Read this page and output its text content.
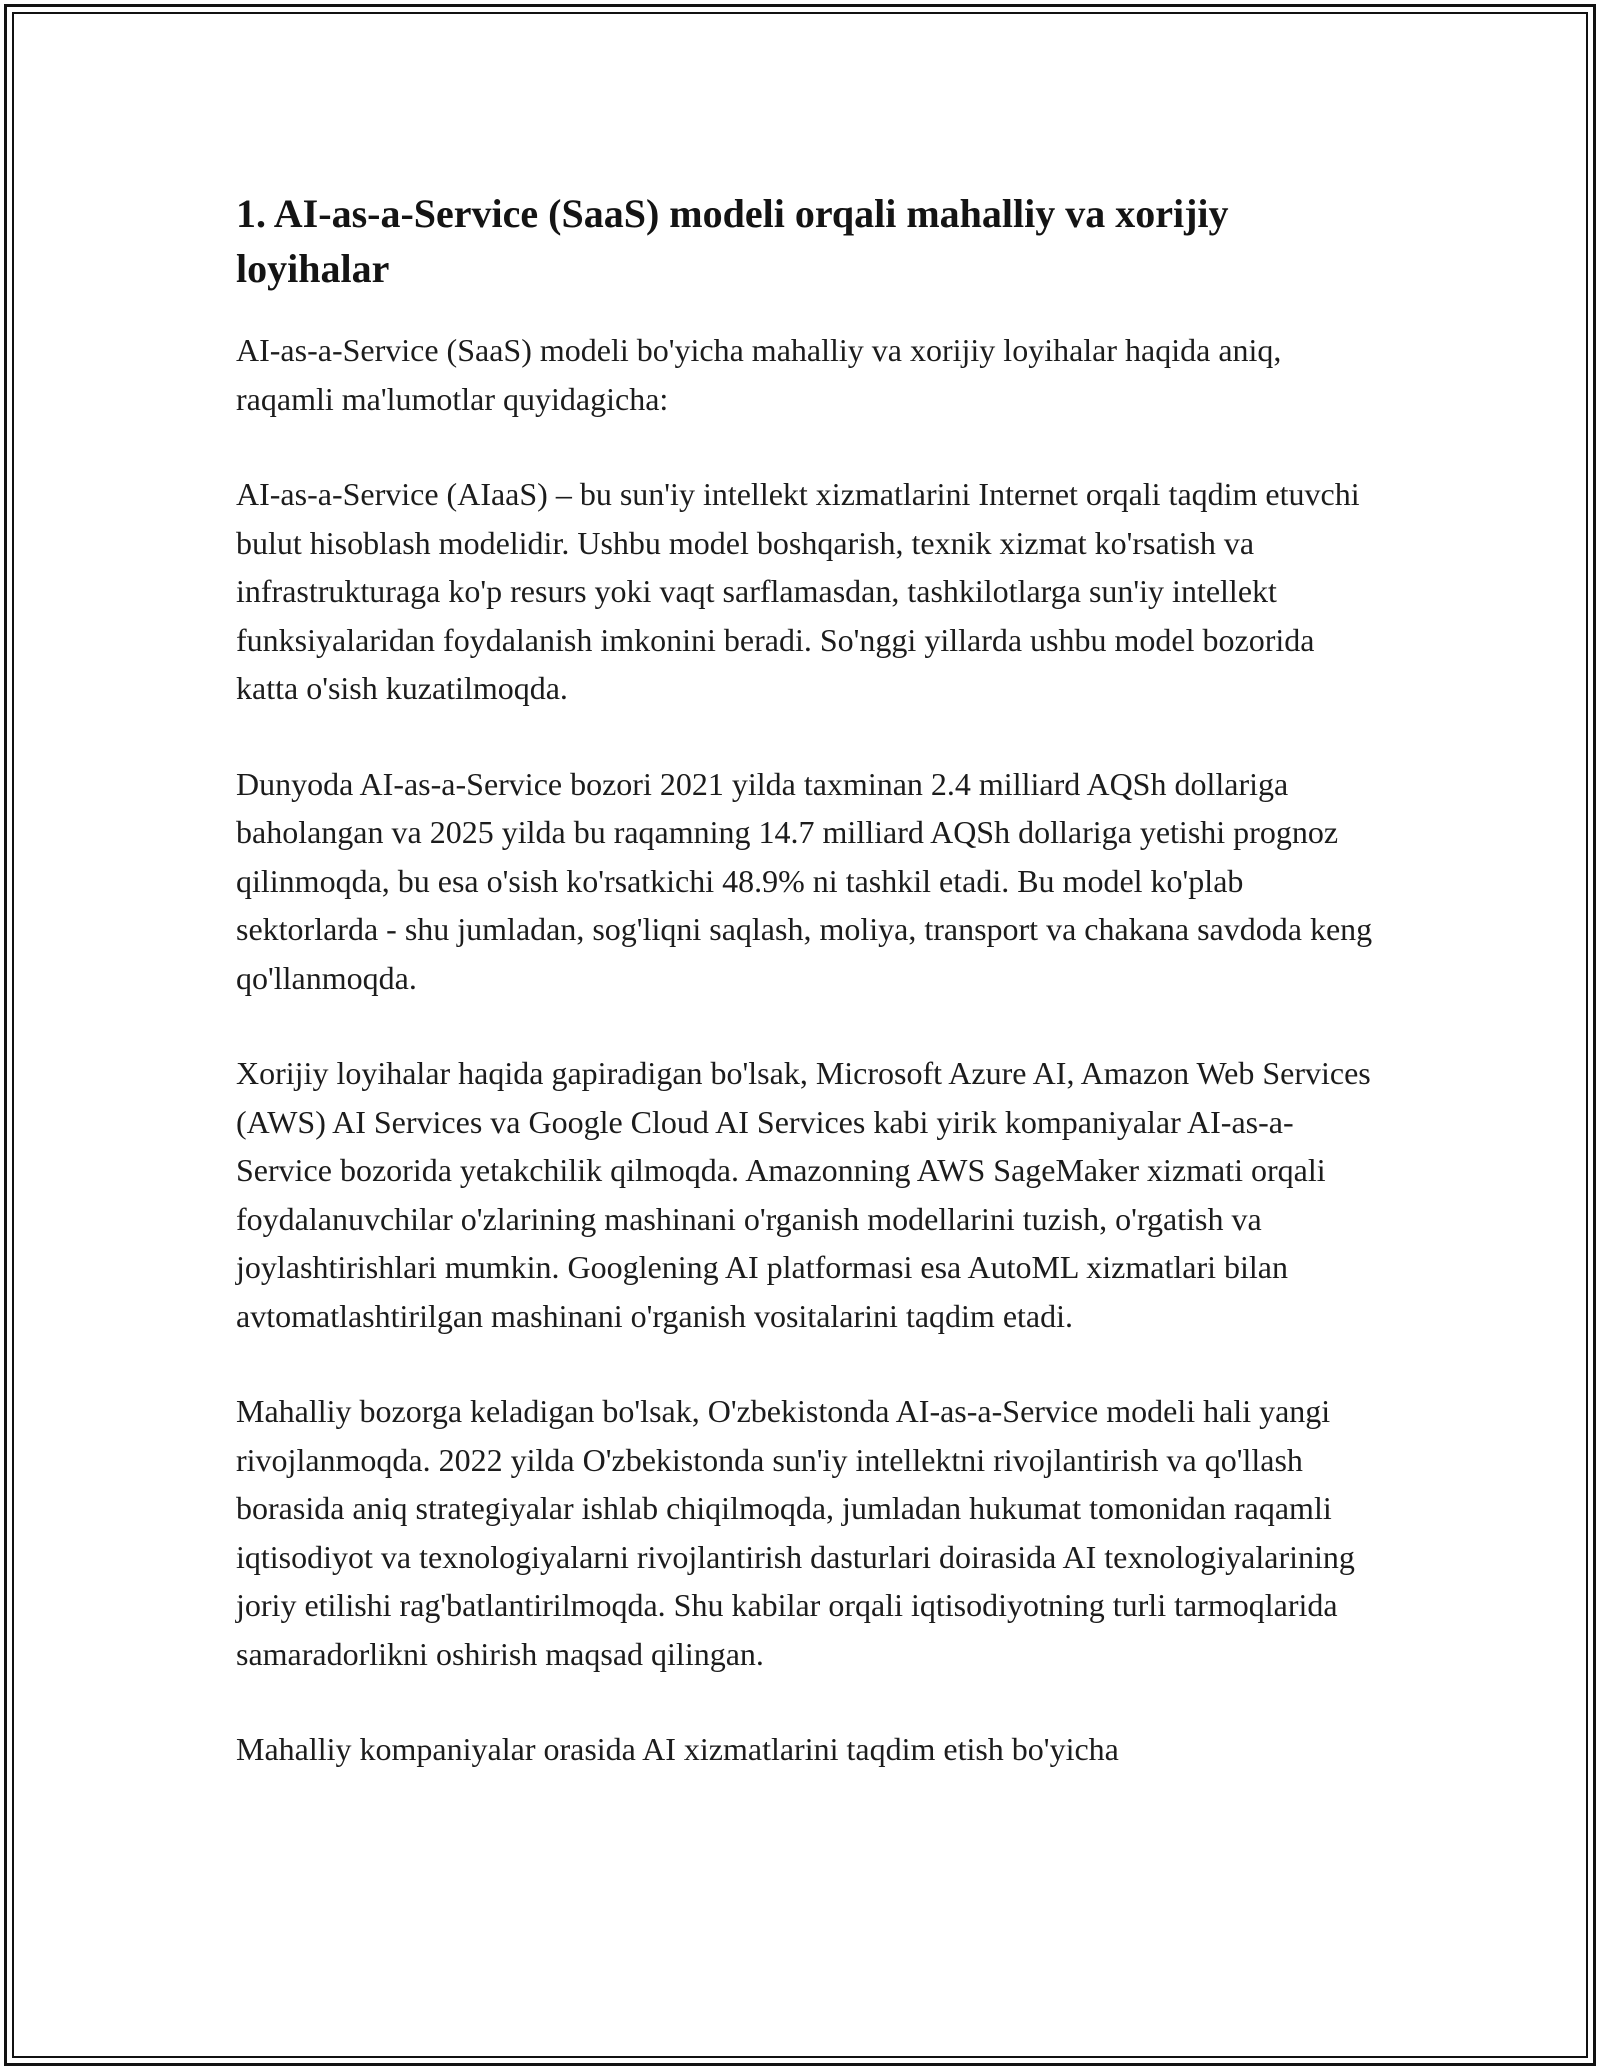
1. AI-as-a-Service (SaaS) modeli orqali mahalliy va xorijiy loyihalar

AI-as-a-Service (SaaS) modeli bo'yicha mahalliy va xorijiy loyihalar haqida aniq, raqamli ma'lumotlar quyidagicha:

AI-as-a-Service (AIaaS) – bu sun'iy intellekt xizmatlarini Internet orqali taqdim etuvchi bulut hisoblash modelidir. Ushbu model boshqarish, texnik xizmat ko'rsatish va infrastrukturaga ko'p resurs yoki vaqt sarflamasdan, tashkilotlarga sun'iy intellekt funksiyalaridan foydalanish imkonini beradi. So'nggi yillarda ushbu model bozorida katta o'sish kuzatilmoqda.

Dunyoda AI-as-a-Service bozori 2021 yilda taxminan 2.4 milliard AQSh dollariga baholangan va 2025 yilda bu raqamning 14.7 milliard AQSh dollariga yetishi prognoz qilinmoqda, bu esa o'sish ko'rsatkichi 48.9% ni tashkil etadi. Bu model ko'plab sektorlarda - shu jumladan, sog'liqni saqlash, moliya, transport va chakana savdoda keng qo'llanmoqda.

Xorijiy loyihalar haqida gapiradigan bo'lsak, Microsoft Azure AI, Amazon Web Services (AWS) AI Services va Google Cloud AI Services kabi yirik kompaniyalar AI-as-a-Service bozorida yetakchilik qilmoqda. Amazonning AWS SageMaker xizmati orqali foydalanuvchilar o'zlarining mashinani o'rganish modellarini tuzish, o'rgatish va joylashtirishlari mumkin. Googlening AI platformasi esa AutoML xizmatlari bilan avtomatlashtirilgan mashinani o'rganish vositalarini taqdim etadi.

Mahalliy bozorga keladigan bo'lsak, O'zbekistonda AI-as-a-Service modeli hali yangi rivojlanmoqda. 2022 yilda O'zbekistonda sun'iy intellektni rivojlantirish va qo'llash borasida aniq strategiyalar ishlab chiqilmoqda, jumladan hukumat tomonidan raqamli iqtisodiyot va texnologiyalarni rivojlantirish dasturlari doirasida AI texnologiyalarining joriy etilishi rag'batlantirilmoqda. Shu kabilar orqali iqtisodiyotning turli tarmoqlarida samaradorlikni oshirish maqsad qilingan.

Mahalliy kompaniyalar orasida AI xizmatlarini taqdim etish bo'yicha
